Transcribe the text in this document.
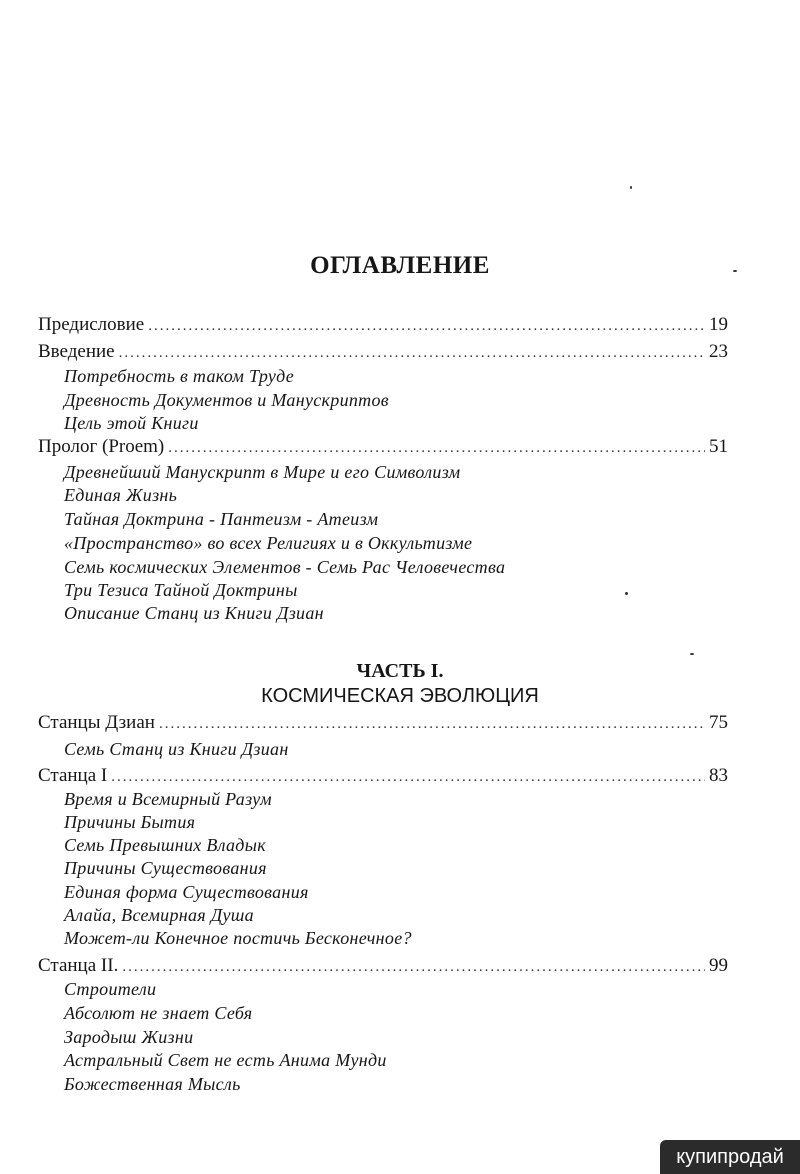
ОГЛАВЛЕНИЕ
Предисловие .....	19
Введение .....	23
Потребность в таком Труде
Древность Документов и Манускриптов
Цель этой Книги
Пролог (Proem) .....	51
Древнейший Манускрипт в Мире и его Символизм
Единая Жизнь
Тайная Доктрина - Пантеизм - Атеизм
«Пространство» во всех Религиях и в Оккультизме
Семь космических Элементов - Семь Рас Человечества
Три Тезиса Тайной Доктрины
Описание Станц из Книги Дзиан
ЧАСТЬ I.
КОСМИЧЕСКАЯ ЭВОЛЮЦИЯ
Станцы Дзиан .....	75
Семь Станц из Книги Дзиан
Станца I .....	83
Время и Всемирный Разум
Причины Бытия
Семь Превышних Владык
Причины Существования
Единая форма Существования
Алайа, Всемирная Душа
Может-ли Конечное постичь Бесконечное?
Станца II. .....	99
Строители
Абсолют не знает Себя
Зародыш Жизни
Астральный Свет не есть Анима Мунди
Божественная Мысль
купипродай
